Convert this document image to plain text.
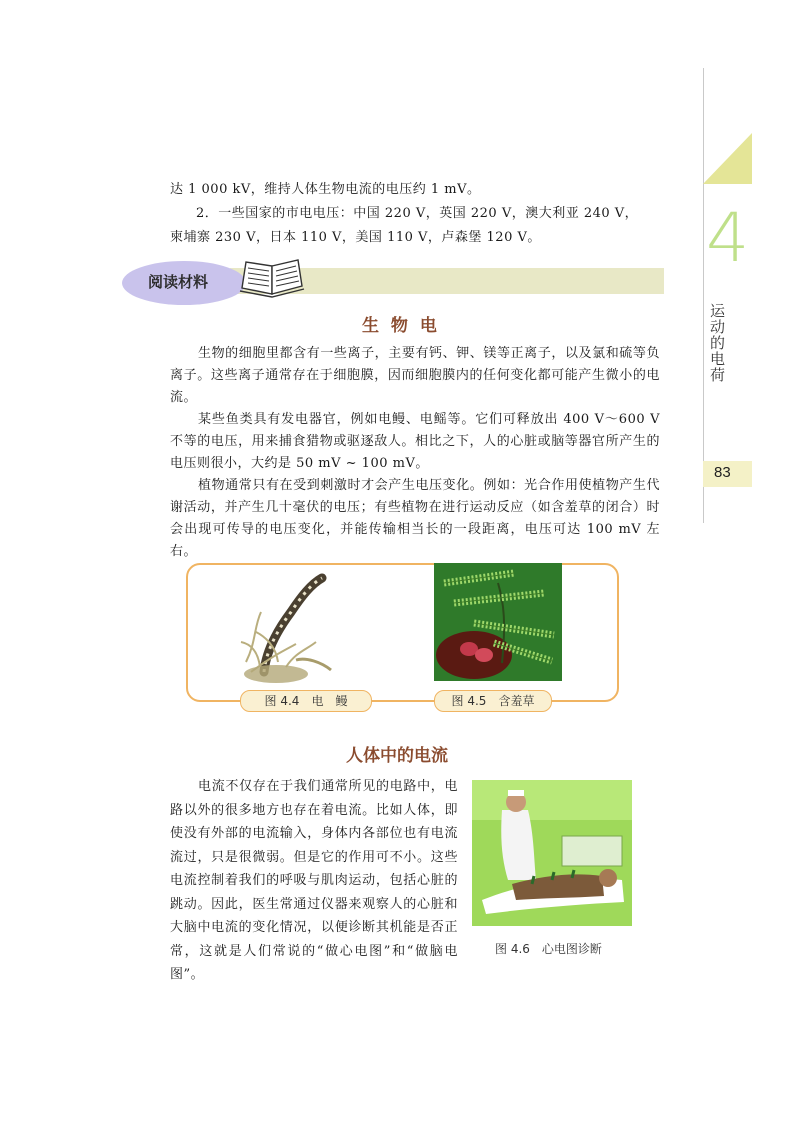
4
运动的电荷
83

达 1 000 kV，维持人体生物电流的电压约 1 mV。

2．一些国家的市电电压：中国 220 V，英国 220 V，澳大利亚 240 V，

柬埔寨 230 V，日本 110 V，美国 110 V，卢森堡 120 V。

阅读材料
生 物 电

生物的细胞里都含有一些离子，主要有钙、钾、镁等正离子，以及氯和硫等负离子。这些离子通常存在于细胞膜，因而细胞膜内的任何变化都可能产生微小的电流。

某些鱼类具有发电器官，例如电鳗、电鳐等。它们可释放出 400 V～600 V 不等的电压，用来捕食猎物或驱逐敌人。相比之下，人的心脏或脑等器官所产生的电压则很小，大约是 50 mV ~ 100 mV。

植物通常只有在受到刺激时才会产生电压变化。例如：光合作用使植物产生代谢活动，并产生几十毫伏的电压；有些植物在进行运动反应（如含羞草的闭合）时会出现可传导的电压变化，并能传输相当长的一段距离，电压可达 100 mV 左右。

图 4.4　电　鳗	图 4.5　含羞草
人体中的电流

电流不仅存在于我们通常所见的电路中，电路以外的很多地方也存在着电流。比如人体，即使没有外部的电流输入，身体内各部位也有电流流过，只是很微弱。但是它的作用可不小。这些电流控制着我们的呼吸与肌肉运动，包括心脏的跳动。因此，医生常通过仪器来观察人的心脏和大脑中电流的变化情况，以便诊断其机能是否正常，这就是人们常说的“做心电图”和“做脑电图”。

图 4.6　心电图诊断
